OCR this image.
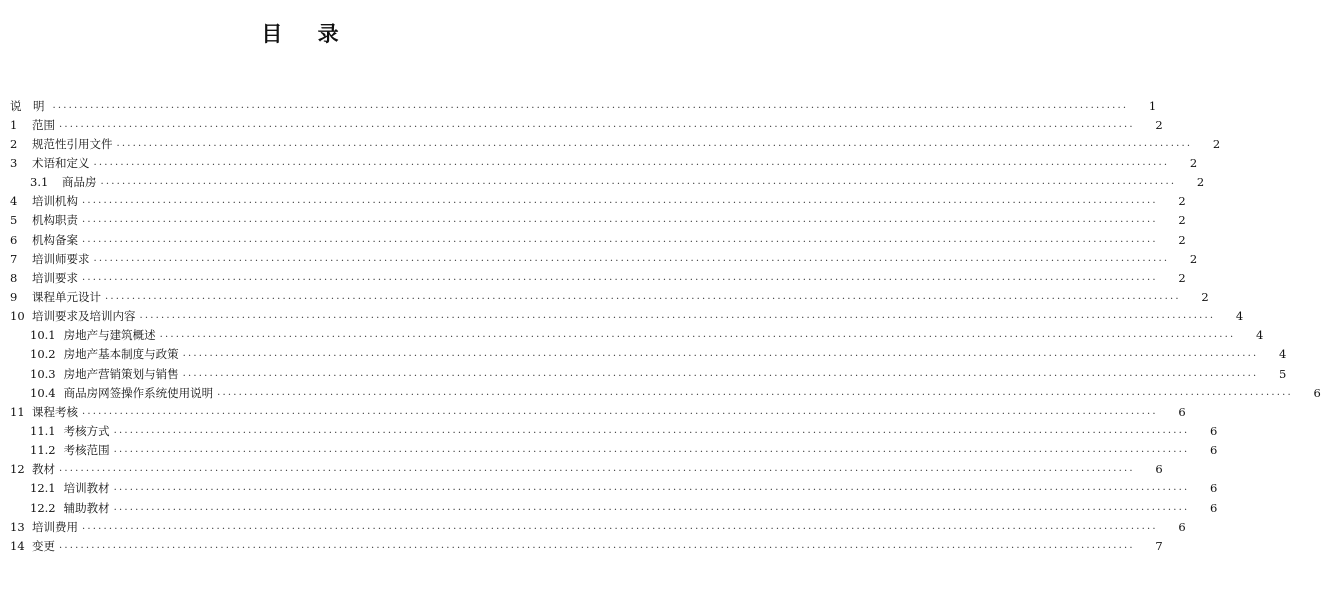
目 录
说　明 ........................................................................................................................................................................................................	1
1	范围 ........................................................................................................................................................................................................	2
2	规范性引用文件 ........................................................................................................................................................................................................	2
3	术语和定义 ........................................................................................................................................................................................................	2
3.1	商品房 ........................................................................................................................................................................................................	2
4	培训机构 ........................................................................................................................................................................................................	2
5	机构职责 ........................................................................................................................................................................................................	2
6	机构备案 ........................................................................................................................................................................................................	2
7	培训师要求 ........................................................................................................................................................................................................	2
8	培训要求 ........................................................................................................................................................................................................	2
9	课程单元设计 ........................................................................................................................................................................................................	2
10 培训要求及培训内容 ........................................................................................................................................................................................................	4
10.1 房地产与建筑概述 ........................................................................................................................................................................................................	4
10.2 房地产基本制度与政策 ........................................................................................................................................................................................................	4
10.3 房地产营销策划与销售 ........................................................................................................................................................................................................	5
10.4 商品房网签操作系统使用说明 ........................................................................................................................................................................................................	6
11 课程考核 ........................................................................................................................................................................................................	6
11.1 考核方式 ........................................................................................................................................................................................................	6
11.2 考核范围 ........................................................................................................................................................................................................	6
12 教材 ........................................................................................................................................................................................................	6
12.1 培训教材 ........................................................................................................................................................................................................	6
12.2 辅助教材 ........................................................................................................................................................................................................	6
13 培训费用 ........................................................................................................................................................................................................	6
14 变更 ........................................................................................................................................................................................................	7
